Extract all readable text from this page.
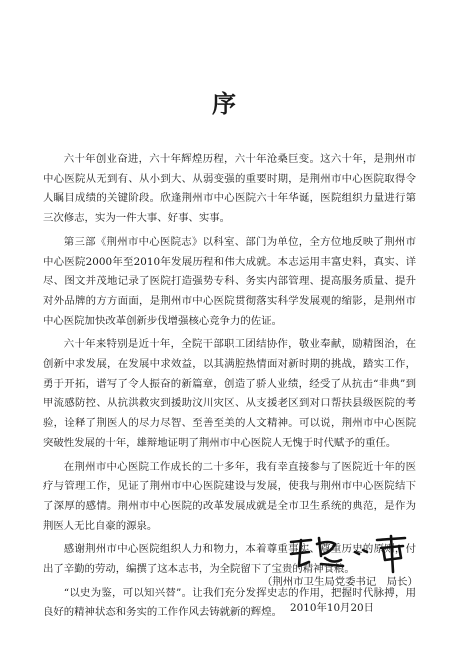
序

六十年创业奋进，六十年辉煌历程，六十年沧桑巨变。这六十年，是荆州市中心医院从无到有、从小到大、从弱变强的重要时期，是荆州市中心医院取得令人瞩目成绩的关键阶段。欣逢荆州市中心医院六十年华诞，医院组织力量进行第三次修志，实为一件大事、好事、实事。

第三部《荆州市中心医院志》以科室、部门为单位，全方位地反映了荆州市中心医院2000年至2010年发展历程和伟大成就。本志运用丰富史料，真实、详尽、图文并茂地记录了医院打造强势专科、务实内部管理、提高服务质量、提升对外品牌的方方面面，是荆州市中心医院贯彻落实科学发展观的缩影，是荆州市中心医院加快改革创新步伐增强核心竞争力的佐证。

六十年来特别是近十年，全院干部职工团结协作，敬业奉献，励精图治，在创新中求发展，在发展中求效益，以其满腔热情面对新时期的挑战，踏实工作，勇于开拓，谱写了令人振奋的新篇章，创造了骄人业绩，经受了从抗击“非典”到甲流感防控、从抗洪救灾到援助汶川灾区、从支援老区到对口帮扶县级医院的考验，诠释了荆医人的尽力尽智、至善至美的人文精神。可以说，荆州市中心医院突破性发展的十年，雄辩地证明了荆州市中心医院人无愧于时代赋予的重任。

在荆州市中心医院工作成长的二十多年，我有幸直接参与了医院近十年的医疗与管理工作，见证了荆州市中心医院建设与发展，使我与荆州市中心医院结下了深厚的感情。荆州市中心医院的改革发展成就是全市卫生系统的典范，是作为荆医人无比自豪的源泉。

感谢荆州市中心医院组织人力和物力，本着尊重事实、尊重历史的原则，付出了辛勤的劳动，编撰了这本志书，为全院留下了宝贵的精神食粮。

“以史为鉴，可以知兴替”。让我们充分发挥史志的作用，把握时代脉搏，用良好的精神状态和务实的工作作风去铸就新的辉煌。

（荆州市卫生局党委书记　局长）
2010年10月20日
